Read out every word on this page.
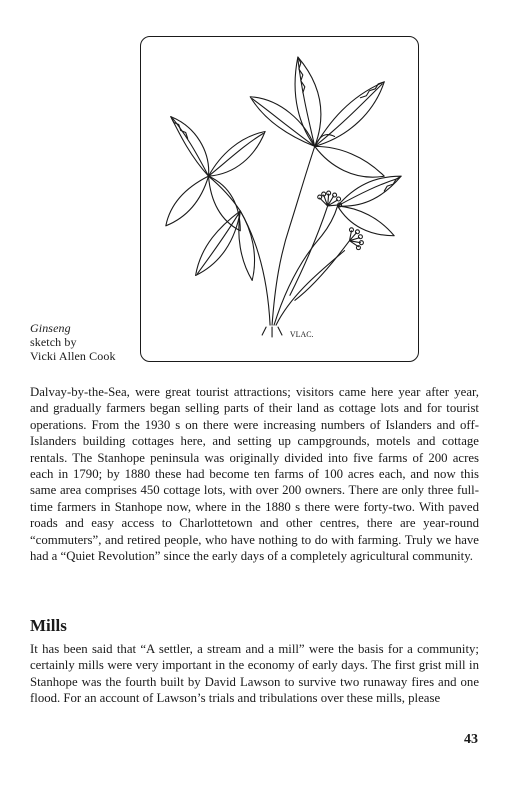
VLAC.
Ginseng
sketch by
Vicki Allen Cook

Dalvay-by-the-Sea, were great tourist attractions; visitors came here year after year, and gradually farmers began selling parts of their land as cottage lots and for tourist operations. From the 1930 s on there were increasing numbers of Islanders and off-Islanders building cottages here, and setting up campgrounds, motels and cottage rentals. The Stanhope peninsula was originally divided into five farms of 200 acres each in 1790; by 1880 these had become ten farms of 100 acres each, and now this same area comprises 450 cottage lots, with over 200 owners. There are only three full-time farmers in Stanhope now, where in the 1880 s there were forty-two. With paved roads and easy access to Charlottetown and other centres, there are year-round “commuters”, and retired people, who have nothing to do with farming. Truly we have had a “Quiet Revolution” since the early days of a completely agricultural community.

Mills

It has been said that “A settler, a stream and a mill” were the basis for a community; certainly mills were very important in the economy of early days. The first grist mill in Stanhope was the fourth built by David Lawson to survive two runaway fires and one flood. For an account of Lawson’s trials and tribulations over these mills, please

43
